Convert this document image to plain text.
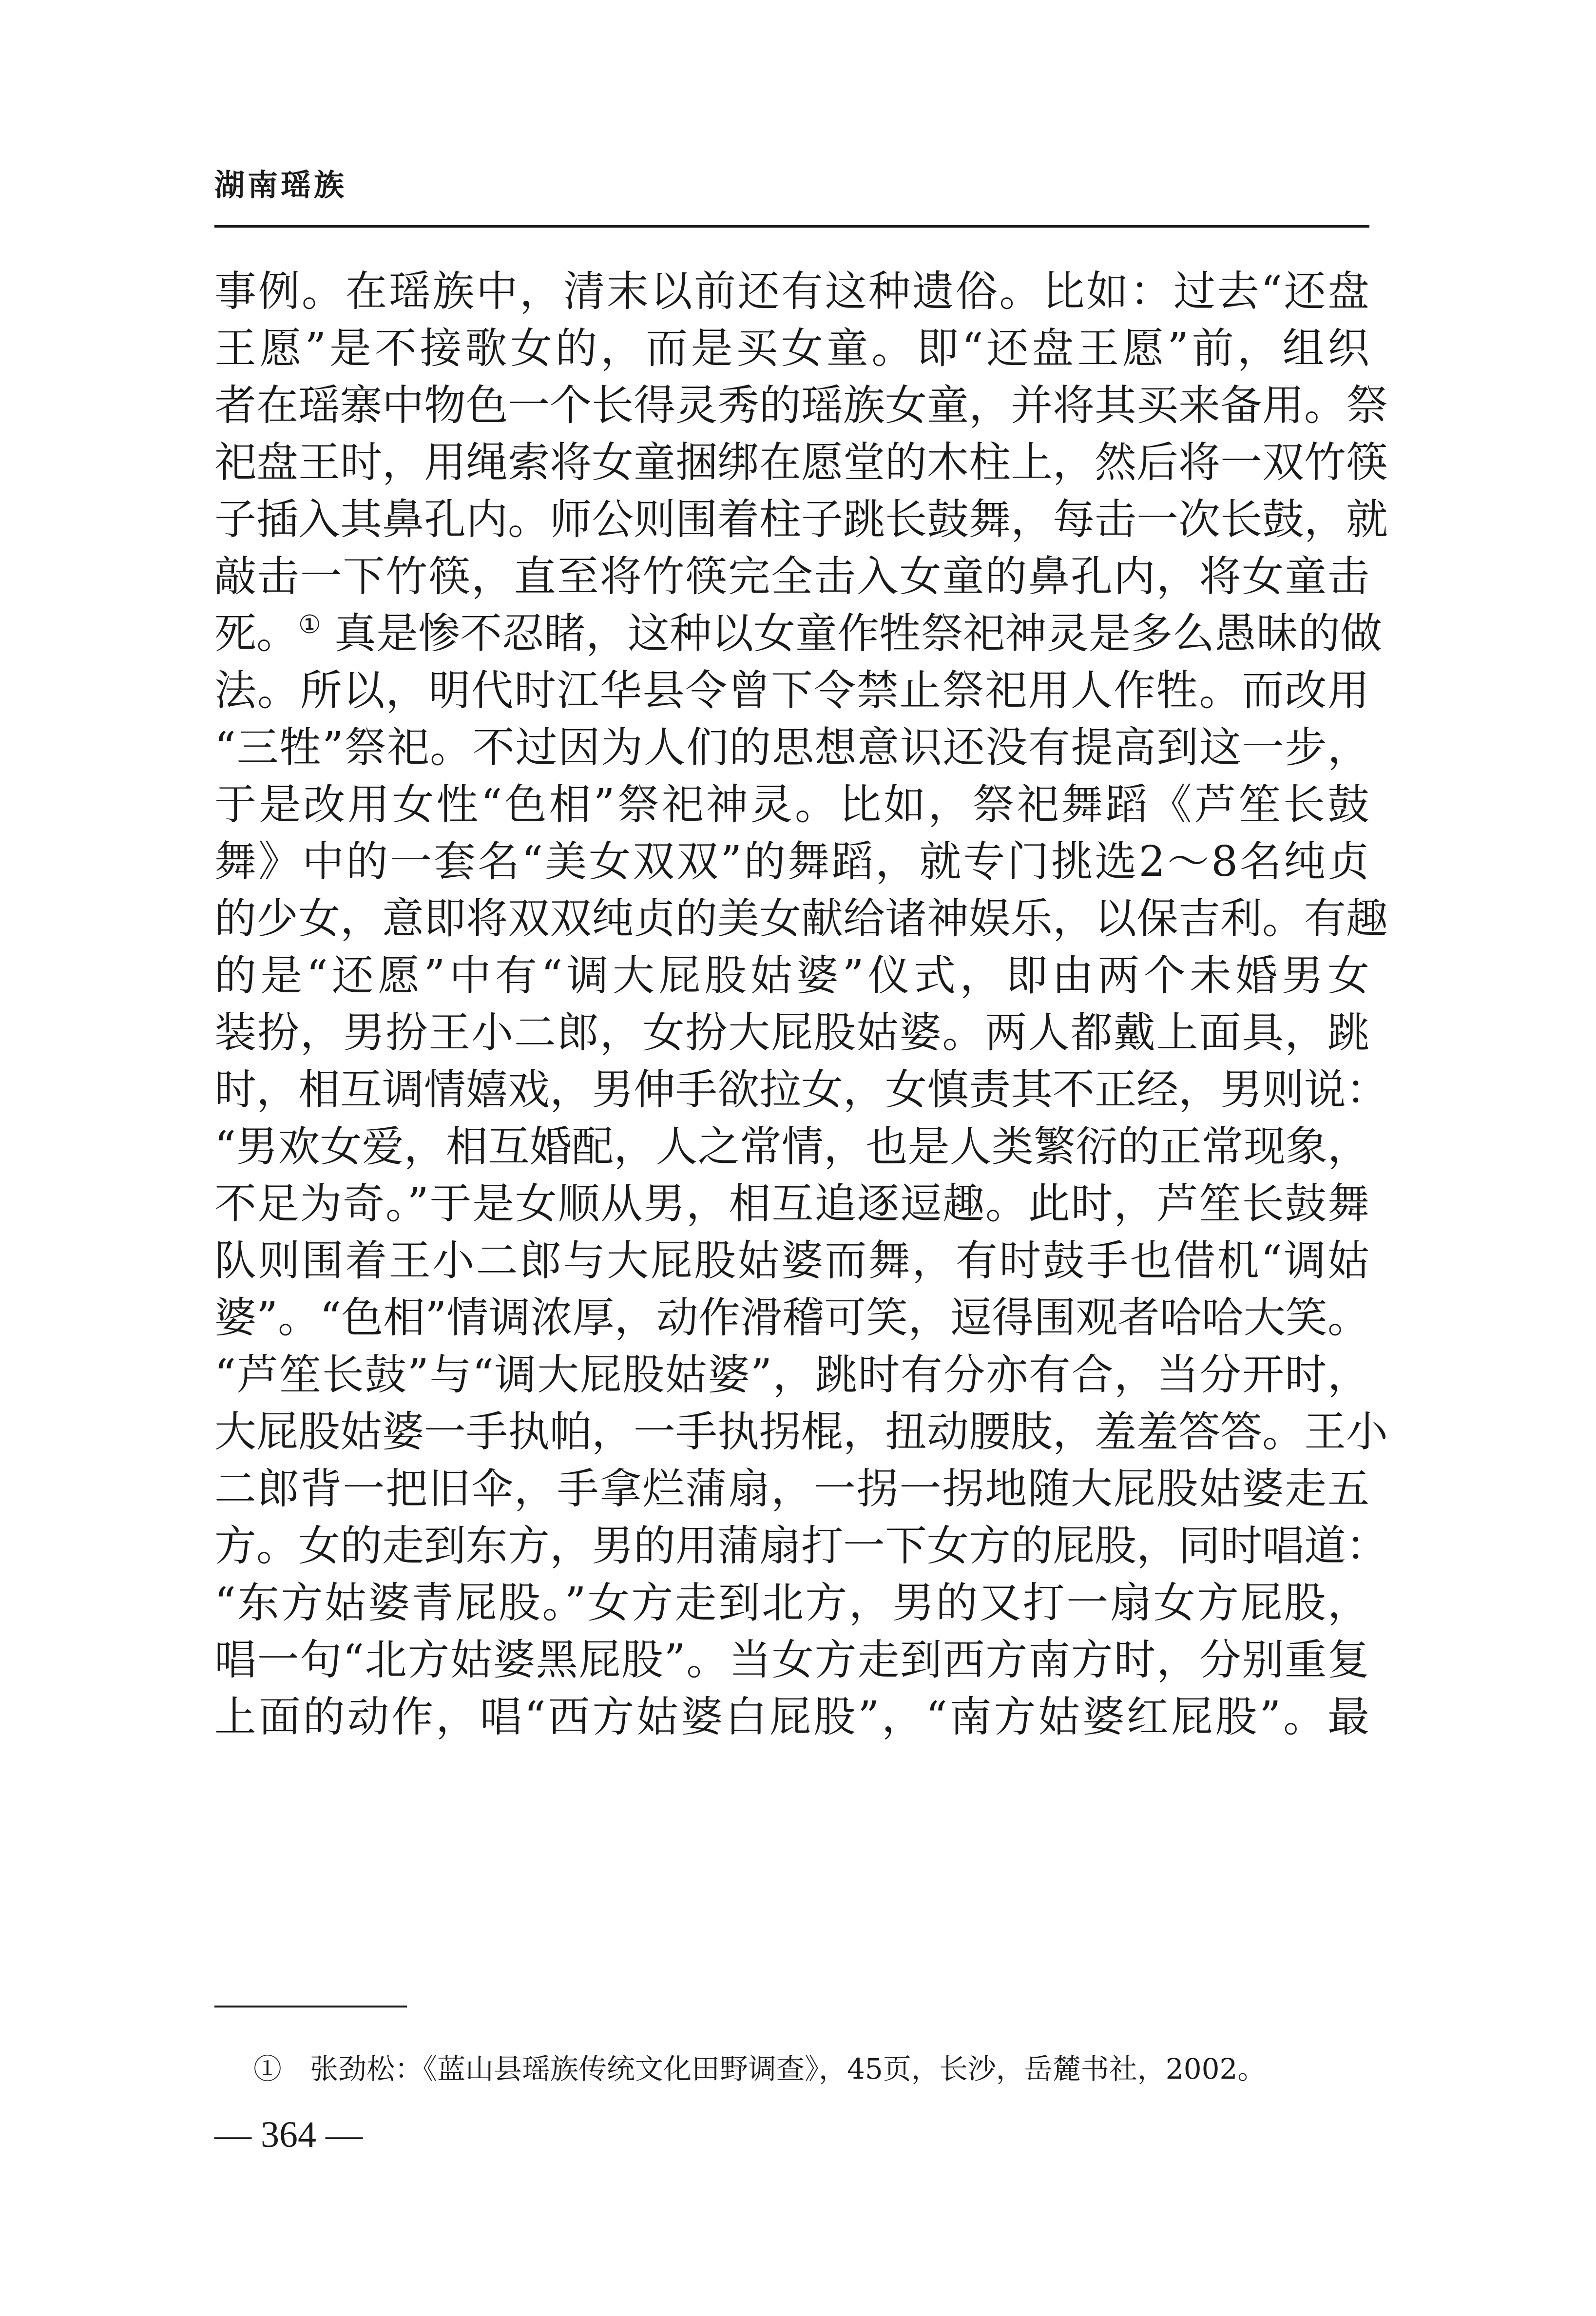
湖南瑶族
事例。在瑶族中，清末以前还有这种遗俗。比如：过去“还盘
王愿”是不接歌女的，而是买女童。即“还盘王愿”前，组织
者在瑶寨中物色一个长得灵秀的瑶族女童，并将其买来备用。祭
祀盘王时，用绳索将女童捆绑在愿堂的木柱上，然后将一双竹筷
子插入其鼻孔内。师公则围着柱子跳长鼓舞，每击一次长鼓，就
敲击一下竹筷，直至将竹筷完全击入女童的鼻孔内，将女童击
死。① 真是惨不忍睹，这种以女童作牲祭祀神灵是多么愚昧的做
法。所以，明代时江华县令曾下令禁止祭祀用人作牲。而改用
“三牲”祭祀。不过因为人们的思想意识还没有提高到这一步，
于是改用女性“色相”祭祀神灵。比如，祭祀舞蹈《芦笙长鼓
舞》中的一套名“美女双双”的舞蹈，就专门挑选2～8名纯贞
的少女，意即将双双纯贞的美女献给诸神娱乐，以保吉利。有趣
的是“还愿”中有“调大屁股姑婆”仪式，即由两个未婚男女
装扮，男扮王小二郎，女扮大屁股姑婆。两人都戴上面具，跳
时，相互调情嬉戏，男伸手欲拉女，女慎责其不正经，男则说：
“男欢女爱，相互婚配，人之常情，也是人类繁衍的正常现象，
不足为奇。”于是女顺从男，相互追逐逗趣。此时，芦笙长鼓舞
队则围着王小二郎与大屁股姑婆而舞，有时鼓手也借机“调姑
婆”。“色相”情调浓厚，动作滑稽可笑，逗得围观者哈哈大笑。
“芦笙长鼓”与“调大屁股姑婆”，跳时有分亦有合，当分开时，
大屁股姑婆一手执帕，一手执拐棍，扭动腰肢，羞羞答答。王小
二郎背一把旧伞，手拿烂蒲扇，一拐一拐地随大屁股姑婆走五
方。女的走到东方，男的用蒲扇打一下女方的屁股，同时唱道：
“东方姑婆青屁股。”女方走到北方，男的又打一扇女方屁股，
唱一句“北方姑婆黑屁股”。当女方走到西方南方时，分别重复
上面的动作，唱“西方姑婆白屁股”，“南方姑婆红屁股”。最
①　张劲松：《蓝山县瑶族传统文化田野调查》，45页，长沙，岳麓书社，2002。
— 364 —
